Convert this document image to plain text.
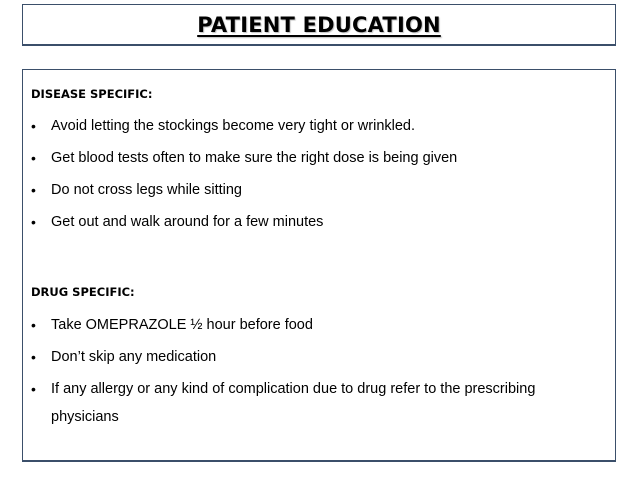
PATIENT EDUCATION
DISEASE SPECIFIC:
•	Avoid letting the stockings become very tight or wrinkled.
•	Get blood tests often to make sure the right dose is being given
•	Do not cross legs while sitting
•	Get out and walk around for a few minutes
DRUG SPECIFIC:
•	Take OMEPRAZOLE ½ hour before food
•	Don’t skip any medication
•	If any allergy or any kind of complication due to drug refer to the prescribing physicians
